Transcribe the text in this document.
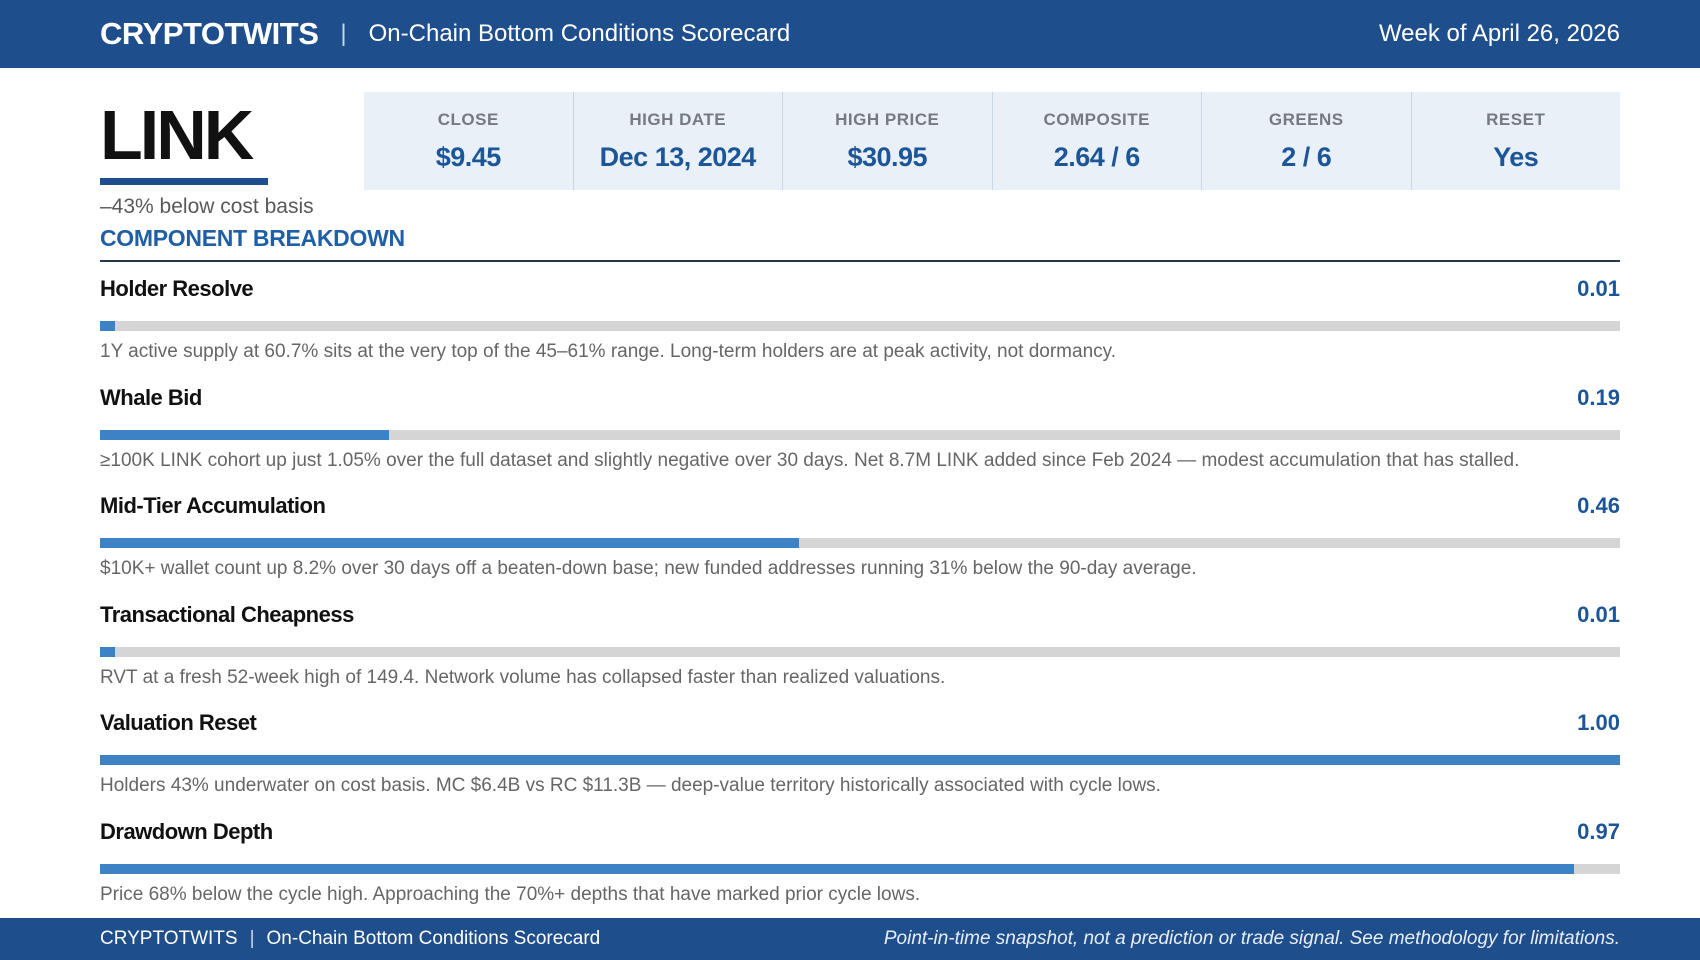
CRYPTOTWITS | On-Chain Bottom Conditions Scorecard	Week of April 26, 2026
LINK
–43% below cost basis
CLOSE
$9.45
HIGH DATE
Dec 13, 2024
HIGH PRICE
$30.95
COMPOSITE
2.64 / 6
GREENS
2 / 6
RESET
Yes
COMPONENT BREAKDOWN
Holder Resolve	0.01
1Y active supply at 60.7% sits at the very top of the 45–61% range. Long-term holders are at peak activity, not dormancy.
Whale Bid	0.19
≥100K LINK cohort up just 1.05% over the full dataset and slightly negative over 30 days. Net 8.7M LINK added since Feb 2024 — modest accumulation that has stalled.
Mid-Tier Accumulation	0.46
$10K+ wallet count up 8.2% over 30 days off a beaten-down base; new funded addresses running 31% below the 90-day average.
Transactional Cheapness	0.01
RVT at a fresh 52-week high of 149.4. Network volume has collapsed faster than realized valuations.
Valuation Reset	1.00
Holders 43% underwater on cost basis. MC $6.4B vs RC $11.3B — deep-value territory historically associated with cycle lows.
Drawdown Depth	0.97
Price 68% below the cycle high. Approaching the 70%+ depths that have marked prior cycle lows.
CRYPTOTWITS | On-Chain Bottom Conditions Scorecard	Point-in-time snapshot, not a prediction or trade signal. See methodology for limitations.
